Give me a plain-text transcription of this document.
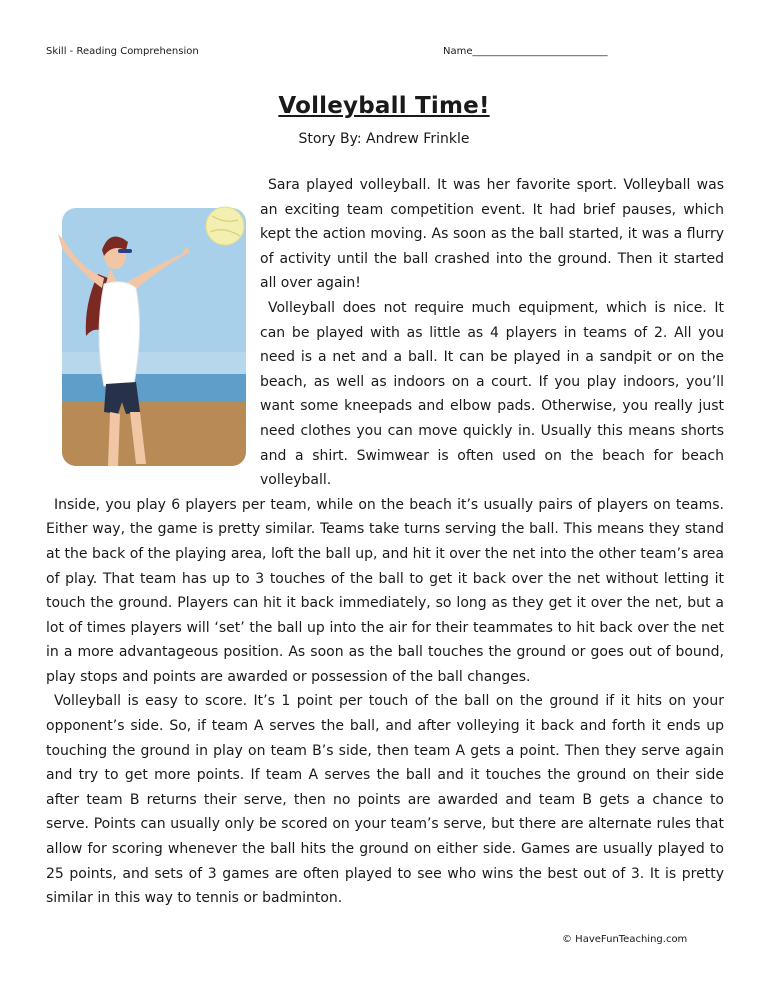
Skill - Reading Comprehension	Name___________________________
Volleyball Time!
Story By: Andrew Frinkle

Sara played volleyball. It was her favorite sport. Volleyball was an exciting team competition event. It had brief pauses, which kept the action moving. As soon as the ball started, it was a flurry of activity until the ball crashed into the ground. Then it started all over again!

Volleyball does not require much equipment, which is nice. It can be played with as little as 4 players in teams of 2. All you need is a net and a ball. It can be played in a sandpit or on the beach, as well as indoors on a court. If you play indoors, you’ll want some kneepads and elbow pads. Otherwise, you really just need clothes you can move quickly in. Usually this means shorts and a shirt. Swimwear is often used on the beach for beach volleyball.

Inside, you play 6 players per team, while on the beach it’s usually pairs of players on teams. Either way, the game is pretty similar. Teams take turns serving the ball. This means they stand at the back of the playing area, loft the ball up, and hit it over the net into the other team’s area of play. That team has up to 3 touches of the ball to get it back over the net without letting it touch the ground. Players can hit it back immediately, so long as they get it over the net, but a lot of times players will ‘set’ the ball up into the air for their teammates to hit back over the net in a more advantageous position. As soon as the ball touches the ground or goes out of bound, play stops and points are awarded or possession of the ball changes.

Volleyball is easy to score. It’s 1 point per touch of the ball on the ground if it hits on your opponent’s side. So, if team A serves the ball, and after volleying it back and forth it ends up touching the ground in play on team B’s side, then team A gets a point. Then they serve again and try to get more points. If team A serves the ball and it touches the ground on their side after team B returns their serve, then no points are awarded and team B gets a chance to serve. Points can usually only be scored on your team’s serve, but there are alternate rules that allow for scoring whenever the ball hits the ground on either side. Games are usually played to 25 points, and sets of 3 games are often played to see who wins the best out of 3. It is pretty similar in this way to tennis or badminton.

© HaveFunTeaching.com
